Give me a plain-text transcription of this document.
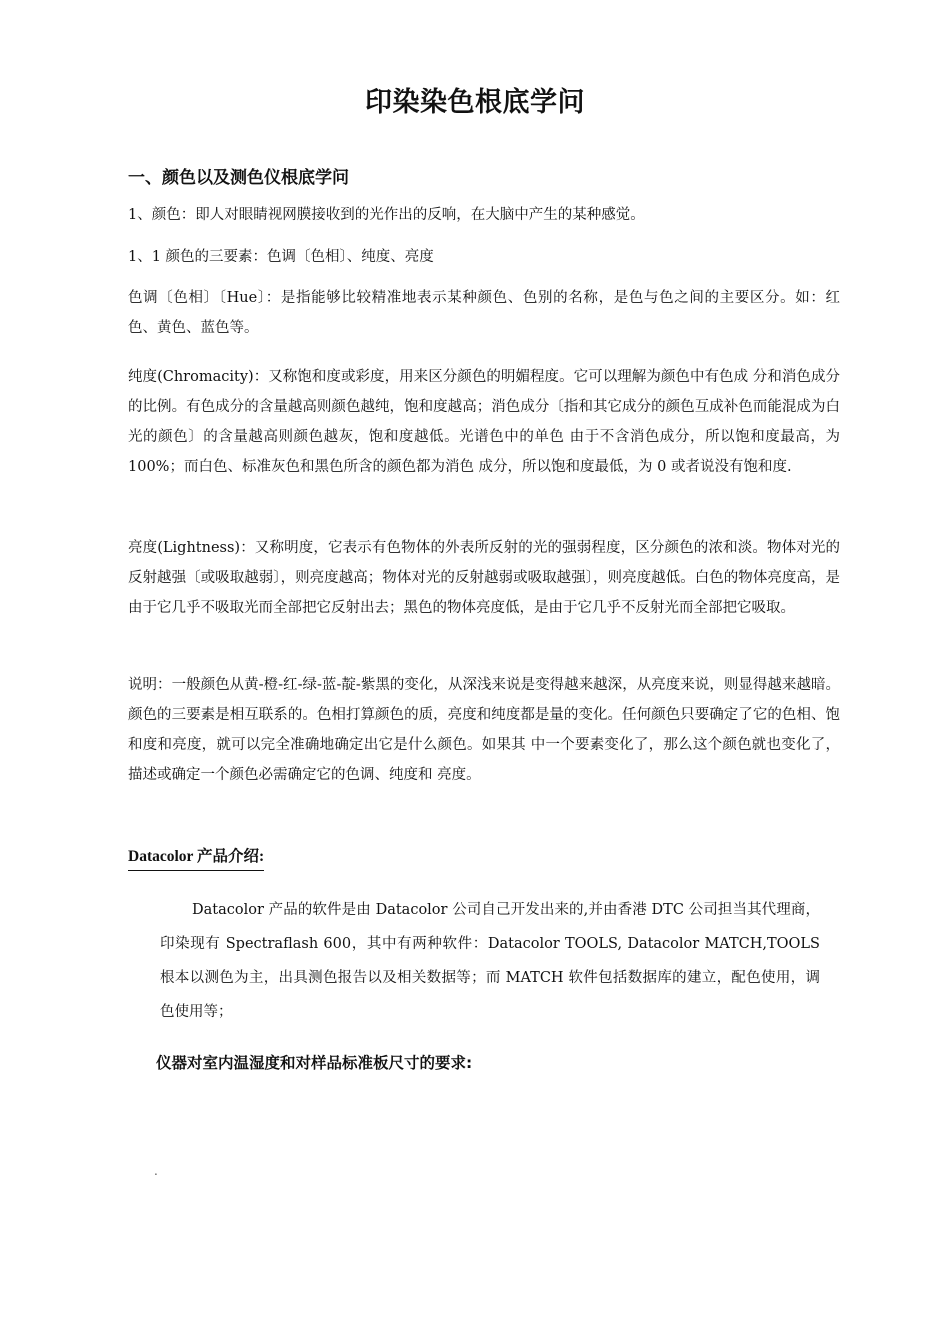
印染染色根底学问
一、颜色以及测色仪根底学问

1、颜色：即人对眼睛视网膜接收到的光作出的反响，在大脑中产生的某种感觉。

1、1 颜色的三要素：色调〔色相〕、纯度、亮度

色调〔色相〕〔Hue〕：是指能够比较精准地表示某种颜色、色别的名称，是色与色之间的主要区分。如：红色、黄色、蓝色等。

纯度(Chromacity)：又称饱和度或彩度，用来区分颜色的明媚程度。它可以理解为颜色中有色成 分和消色成分的比例。有色成分的含量越高则颜色越纯，饱和度越高；消色成分〔指和其它成分的颜色互成补色而能混成为白光的颜色〕的含量越高则颜色越灰，饱和度越低。光谱色中的单色 由于不含消色成分，所以饱和度最高，为 100%；而白色、标准灰色和黑色所含的颜色都为消色 成分，所以饱和度最低，为 0 或者说没有饱和度.

亮度(Lightness)：又称明度，它表示有色物体的外表所反射的光的强弱程度，区分颜色的浓和淡。物体对光的反射越强〔或吸取越弱〕，则亮度越高；物体对光的反射越弱或吸取越强〕，则亮度越低。白色的物体亮度高，是由于它几乎不吸取光而全部把它反射出去；黑色的物体亮度低，是由于它几乎不反射光而全部把它吸取。

说明：一般颜色从黄-橙-红-绿-蓝-靛-紫黑的变化，从深浅来说是变得越来越深，从亮度来说，则显得越来越暗。颜色的三要素是相互联系的。色相打算颜色的质，亮度和纯度都是量的变化。任何颜色只要确定了它的色相、饱和度和亮度，就可以完全准确地确定出它是什么颜色。如果其 中一个要素变化了，那么这个颜色就也变化了，描述或确定一个颜色必需确定它的色调、纯度和 亮度。

Datacolor 产品介绍:

Datacolor 产品的软件是由 Datacolor 公司自己开发出来的,并由香港 DTC 公司担当其代理商，印染现有 Spectraflash 600，其中有两种软件：Datacolor TOOLS, Datacolor MATCH,TOOLS 根本以测色为主，出具测色报告以及相关数据等；而 MATCH 软件包括数据库的建立，配色使用，调色使用等；

仪器对室内温湿度和对样品标准板尺寸的要求:
.
